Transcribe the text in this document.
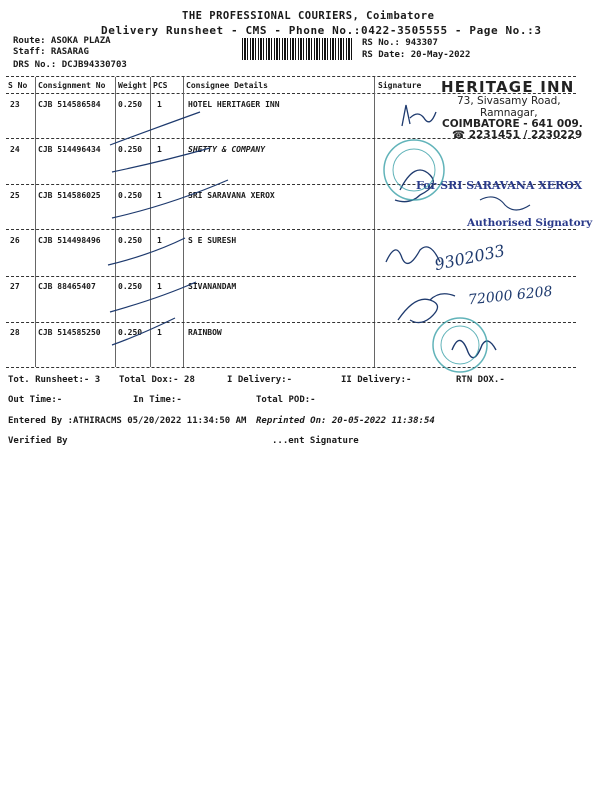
THE PROFESSIONAL COURIERS, Coimbatore
Delivery Runsheet - CMS - Phone No.:0422-3505555 - Page No.:3
Route: ASOKA PLAZA
Staff: RASARAG
DRS No.: DCJB94330703
RS No.: 943307
RS Date: 20-May-2022
S No Consignment No Weight PCS Consignee Details	Signature
23 CJB 514586584 0.250 1	HOTEL HERITAGER INN
24 CJB 514496434 0.250 1	SHETTY & COMPANY
25 CJB 514586025 0.250 1	SRI SARAVANA XEROX
26 CJB 514498496 0.250 1	S E SURESH
27 CJB 88465407	0.250 1	SIVANANDAM
28 CJB 514585250 0.250 1	RAINBOW
HERITAGE INN
73, Sivasamy Road,
Ramnagar,
COIMBATORE - 641 009.
☎ 2231451 / 2230229
For SRI SARAVANA XEROX
Authorised Signatory
9302033
72000 6208
Tot. Runsheet:- 3 Total Dox:- 28	I Delivery:-	II Delivery:-	RTN DOX.-
Out Time:-	In Time:-	Total POD:-
Entered By :ATHIRACMS 05/20/2022 11:34:50 AM Reprinted On: 20-05-2022 11:38:54
Verified By	...ent Signature
